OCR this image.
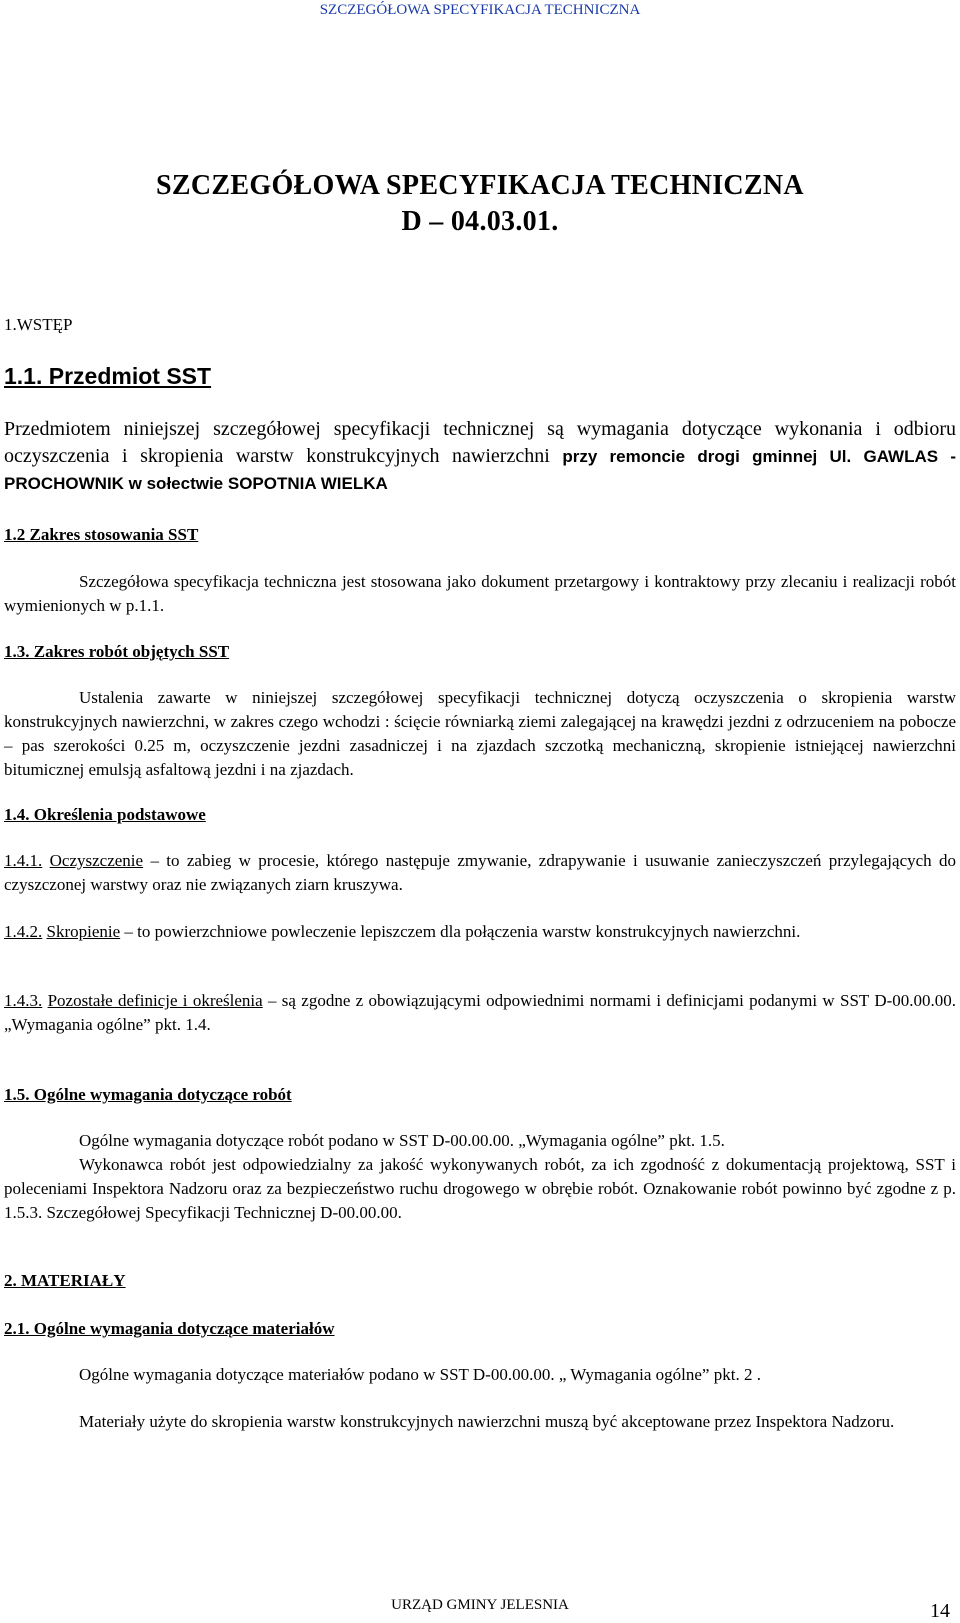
SZCZEGÓŁOWA SPECYFIKACJA TECHNICZNA
SZCZEGÓŁOWA SPECYFIKACJA TECHNICZNA
D – 04.03.01.
1.WSTĘP
1.1. Przedmiot SST

Przedmiotem niniejszej szczegółowej specyfikacji technicznej są wymagania dotyczące wykonania i odbioru oczyszczenia i skropienia warstw konstrukcyjnych nawierzchni przy remoncie drogi gminnej Ul. GAWLAS - PROCHOWNIK w sołectwie SOPOTNIA WIELKA

1.2 Zakres stosowania SST

Szczegółowa specyfikacja techniczna jest stosowana jako dokument przetargowy i kontraktowy przy zlecaniu i realizacji robót wymienionych w p.1.1.

1.3. Zakres robót objętych SST

Ustalenia zawarte w niniejszej szczegółowej specyfikacji technicznej dotyczą oczyszczenia o skropienia warstw konstrukcyjnych nawierzchni, w zakres czego wchodzi : ścięcie równiarką ziemi zalegającej na krawędzi jezdni z odrzuceniem na pobocze – pas szerokości 0.25 m, oczyszczenie jezdni zasadniczej i na zjazdach szczotką mechaniczną, skropienie istniejącej nawierzchni bitumicznej emulsją asfaltową jezdni i na zjazdach.

1.4. Określenia podstawowe

1.4.1. Oczyszczenie – to zabieg w procesie, którego następuje zmywanie, zdrapywanie i usuwanie zanieczyszczeń przylegających do czyszczonej warstwy oraz nie związanych ziarn kruszywa.

1.4.2. Skropienie – to powierzchniowe powleczenie lepiszczem dla połączenia warstw konstrukcyjnych nawierzchni.

1.4.3. Pozostałe definicje i określenia – są zgodne z obowiązującymi odpowiednimi normami i definicjami podanymi w SST D-00.00.00. „Wymagania ogólne” pkt. 1.4.

1.5. Ogólne wymagania dotyczące robót

Ogólne wymagania dotyczące robót podano w SST D-00.00.00. „Wymagania ogólne” pkt. 1.5.

Wykonawca robót jest odpowiedzialny za jakość wykonywanych robót, za ich zgodność z dokumentacją projektową, SST i poleceniami Inspektora Nadzoru oraz za bezpieczeństwo ruchu drogowego w obrębie robót. Oznakowanie robót powinno być zgodne z p. 1.5.3. Szczegółowej Specyfikacji Technicznej D-00.00.00.

2. MATERIAŁY
2.1. Ogólne wymagania dotyczące materiałów

Ogólne wymagania dotyczące materiałów podano w SST D-00.00.00. „ Wymagania ogólne” pkt. 2 .

Materiały użyte do skropienia warstw konstrukcyjnych nawierzchni muszą być akceptowane przez Inspektora Nadzoru.

URZĄD GMINY JELESNIA	14
